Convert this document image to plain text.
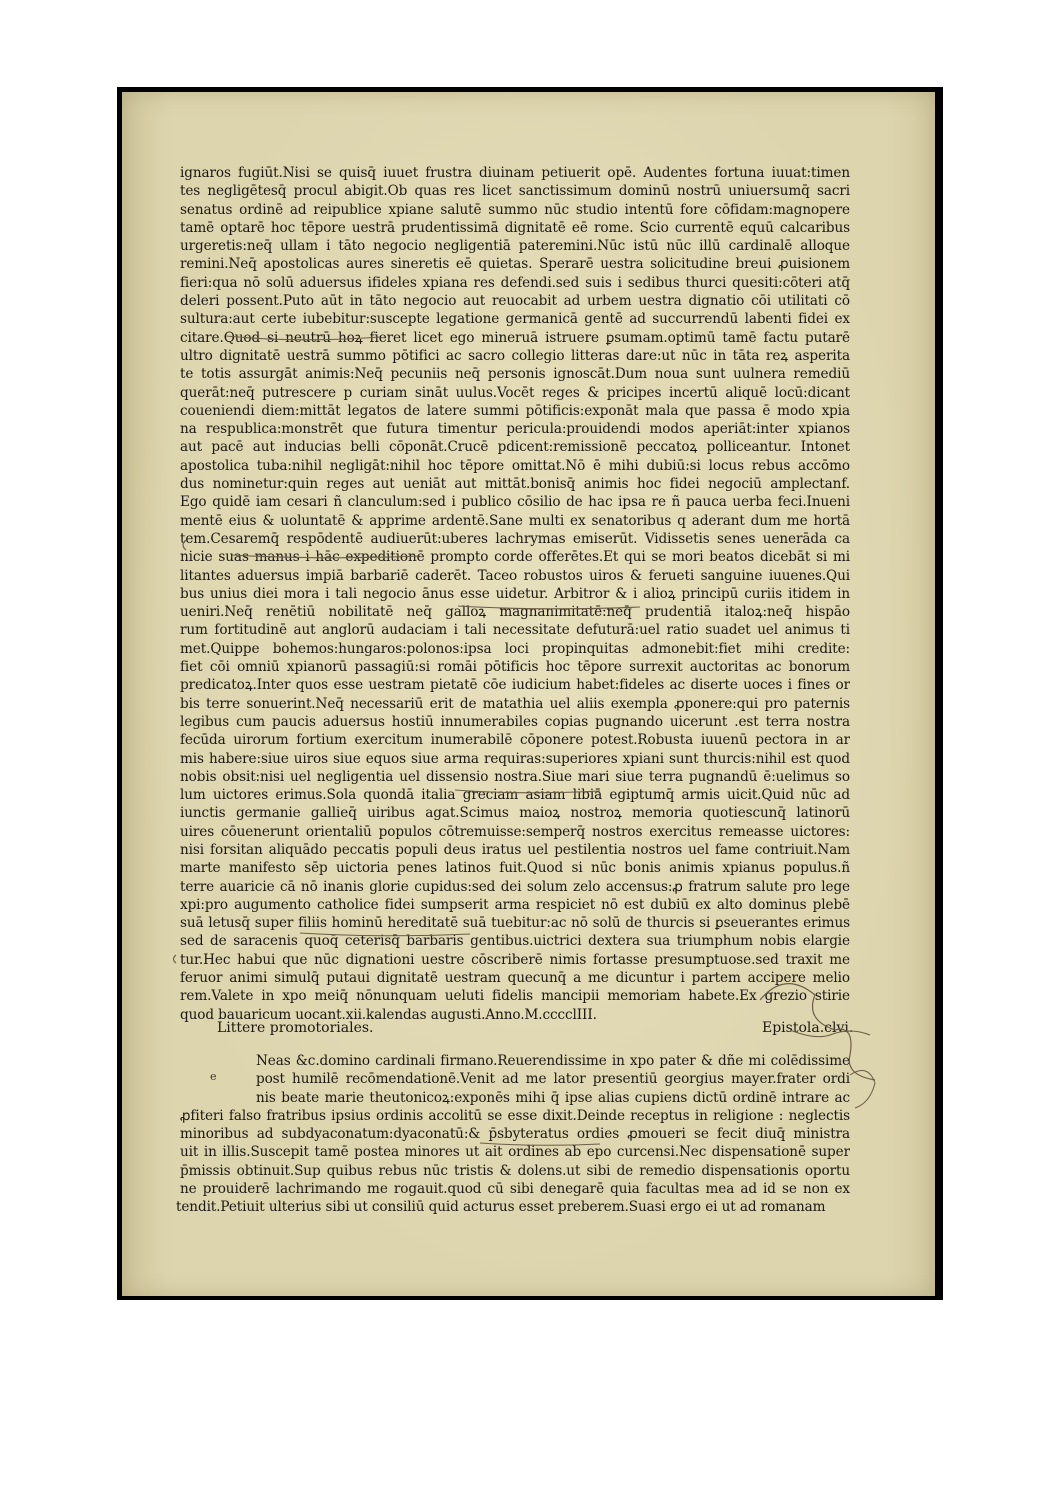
ignaros fugiūt.Nisi se quisq̄ iuuet frustra diuinam petiuerit opē. Audentes fortuna iuuat:timen
tes negligētesq̄ procul abigit.Ob quas res licet sanctissimum dominū nostrū uniuersumq̄ sacri
senatus ordinē ad reipublice xpiane salutē summo nūc studio intentū fore cōfidam:magnopere
tamē optarē hoc tēpore uestrā prudentissimā dignitatē eē rome. Scio currentē equū calcaribus
urgeretis:neq̄ ullam i tāto negocio negligentiā pateremini.Nūc istū nūc illū cardinalē alloque
remini.Neq̄ apostolicas aures sineretis eē quietas. Sperarē uestra solicitudine breui ꝓuisionem
fieri:qua nō solū aduersus ifideles xpiana res defendi.sed suis i sedibus thurci quesiti:cōteri atq̄
deleri possent.Puto aūt in tāto negocio aut reuocabit ad urbem uestra dignatio cōi utilitati cō
sultura:aut certe iubebitur:suscepte legatione germanicā gentē ad succurrendū labenti fidei ex
citare.Quod si neutrū hoꝝ fieret licet ego mineruā istruere ꝑsumam.optimū tamē factu putarē
ultro dignitatē uestrā summo pōtifici ac sacro collegio litteras dare:ut nūc in tāta reꝝ asperita
te totis assurgāt animis:Neq̄ pecuniis neq̄ personis ignoscāt.Dum noua sunt uulnera remediū
querāt:neq̄ putrescere p curiam sināt uulus.Vocēt reges & pricipes incertū aliquē locū:dicant
coueniendi diem:mittāt legatos de latere summi pōtificis:exponāt mala que passa ē modo xpia
na respublica:monstrēt que futura timentur pericula:prouidendi modos aperiāt:inter xpianos
aut pacē aut inducias belli cōponāt.Crucē pdicent:remissionē peccatoꝝ polliceantur. Intonet
apostolica tuba:nihil negligāt:nihil hoc tēpore omittat.Nō ē mihi dubiū:si locus rebus accōmo
dus nominetur:quin reges aut ueniāt aut mittāt.bonisq̄ animis hoc fidei negociū amplectanf.
Ego quidē iam cesari ñ clanculum:sed i publico cōsilio de hac ipsa re ñ pauca uerba feci.Inueni
mentē eius & uoluntatē & apprime ardentē.Sane multi ex senatoribus q aderant dum me hortā
tem.Cesaremq̄ respōdentē audiuerūt:uberes lachrymas emiserūt. Vidissetis senes uenerāda ca
nicie suas manus i hāc expeditionē prompto corde offerētes.Et qui se mori beatos dicebāt si mi
litantes aduersus impiā barbariē caderēt. Taceo robustos uiros & ferueti sanguine iuuenes.Qui
bus unius diei mora i tali negocio ānus esse uidetur. Arbitror & i alioꝝ principū curiis itidem in
ueniri.Neq̄ renētiū nobilitatē neq̄ galloꝝ magnanimitatē:neq̄ prudentiā italoꝝ:neq̄ hispāo
rum fortitudinē aut anglorū audaciam i tali necessitate defuturā:uel ratio suadet uel animus ti
met.Quippe bohemos:hungaros:polonos:ipsa loci propinquitas admonebit:fiet mihi credite:
fiet cōi omniū xpianorū passagiū:si romāi pōtificis hoc tēpore surrexit auctoritas ac bonorum
predicatoꝝ.Inter quos esse uestram pietatē cōe iudicium habet:fideles ac diserte uoces i fines or
bis terre sonuerint.Neq̄ necessariū erit de matathia uel aliis exempla ꝓponere:qui pro paternis
legibus cum paucis aduersus hostiū innumerabiles copias pugnando uicerunt .est terra nostra
fecūda uirorum fortium exercitum inumerabilē cōponere potest.Robusta iuuenū pectora in ar
mis habere:siue uiros siue equos siue arma requiras:superiores xpiani sunt thurcis:nihil est quod
nobis obsit:nisi uel negligentia uel dissensio nostra.Siue mari siue terra pugnandū ē:uelimus so
lum uictores erimus.Sola quondā italia greciam asiam libiā egiptumq̄ armis uicit.Quid nūc ad
iunctis germanie gallieq̄ uiribus agat.Scimus maioꝝ nostroꝝ memoria quotiescunq̄ latinorū
uires cōuenerunt orientaliū populos cōtremuisse:semperq̄ nostros exercitus remeasse uictores:
nisi forsitan aliquādo peccatis populi deus iratus uel pestilentia nostros uel fame contriuit.Nam
marte manifesto sēp uictoria penes latinos fuit.Quod si nūc bonis animis xpianus populus.ñ
terre auaricie cā nō inanis glorie cupidus:sed dei solum zelo accensus:ꝓ fratrum salute pro lege
xpi:pro augumento catholice fidei sumpserit arma respiciet nō est dubiū ex alto dominus plebē
suā letusq̄ super filiis hominū hereditatē suā tuebitur:ac nō solū de thurcis si ꝑseuerantes erimus
sed de saracenis quoq̄ ceterisq̄ barbaris gentibus.uictrici dextera sua triumphum nobis elargie
tur.Hec habui que nūc dignationi uestre cōscriberē nimis fortasse presumptuose.sed traxit me
feruor animi simulq̄ putaui dignitatē uestram quecunq̄ a me dicuntur i partem accipere melio
rem.Valete in xpo meiq̄ nōnunquam ueluti fidelis mancipii memoriam habete.Ex grezio stirie
quod bauaricum uocant.xii.kalendas augusti.Anno.M.cccclIII.
Littere promotoriales.	Epistola.clvi.
e
Neas &c.domino cardinali firmano.Reuerendissime in xpo pater & dñe mi colēdissime
post humilē recōmendationē.Venit ad me lator presentiū georgius mayer.frater ordi
nis beate marie theutonicoꝝ:exponēs mihi q̄ ipse alias cupiens dictū ordinē intrare ac
ꝓfiteri falso fratribus ipsius ordinis accolitū se esse dixit.Deinde receptus in religione : neglectis
minoribus ad subdyaconatum:dyaconatū:& p̄sbyteratus ordies ꝓmoueri se fecit diuq̄ ministra
uit in illis.Suscepit tamē postea minores ut ait ordines ab epo curcensi.Nec dispensationē super
p̄missis obtinuit.Sup quibus rebus nūc tristis & dolens.ut sibi de remedio dispensationis oportu
ne prouiderē lachrimando me rogauit.quod cū sibi denegarē quia facultas mea ad id se non ex
tendit.Petiuit ulterius sibi ut consiliū quid acturus esset preberem.Suasi ergo ei ut ad romanam
